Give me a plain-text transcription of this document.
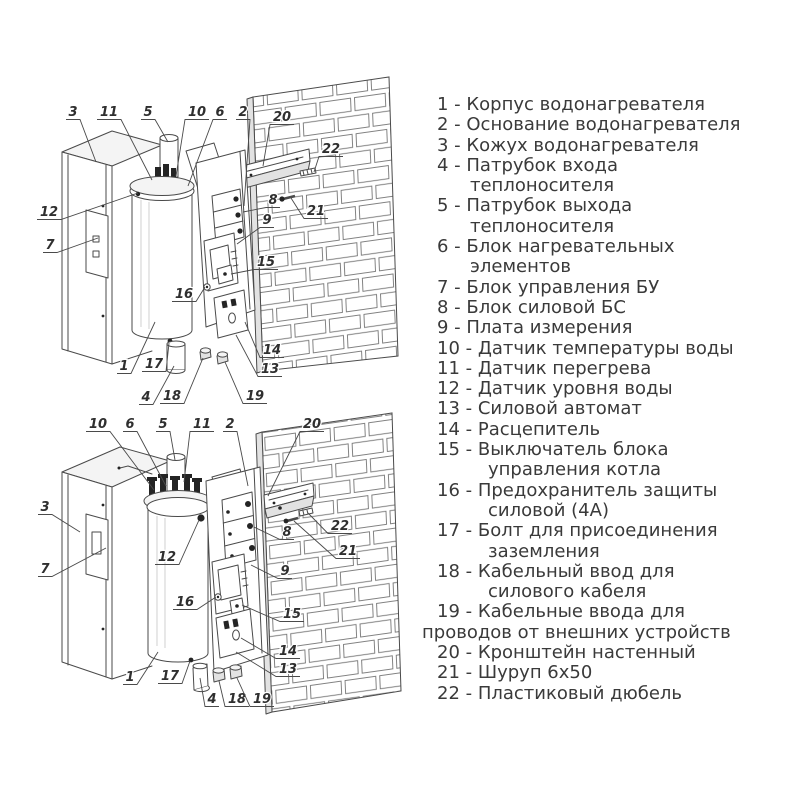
3 11 5	10 6 2 20
22
12
7
8
21
9
15
16
14
13
1 17
4 18	19
10 6 5 11 2	20
3
7
22
21
8
9
12
16
15
14
13
1 17
4 18 19
1 - Корпус водонагревателя
2 - Основание водонагревателя
3 - Кожух водонагревателя
4 - Патрубок входа
теплоносителя
5 - Патрубок выхода
теплоносителя
6 - Блок нагревательных
элементов
7 - Блок управления БУ
8 - Блок силовой БС
9 - Плата измерения
10 - Датчик температуры воды
11 - Датчик перегрева
12 - Датчик уровня воды
13 - Силовой автомат
14 - Расцепитель
15 - Выключатель блока
управления котла
16 - Предохранитель защиты
силовой (4А)
17 - Болт для присоединения
заземления
18 - Кабельный ввод для
силового кабеля
19 - Кабельные ввода для
проводов от внешних устройств
20 - Кронштейн настенный
21 - Шуруп 6х50
22 - Пластиковый дюбель
